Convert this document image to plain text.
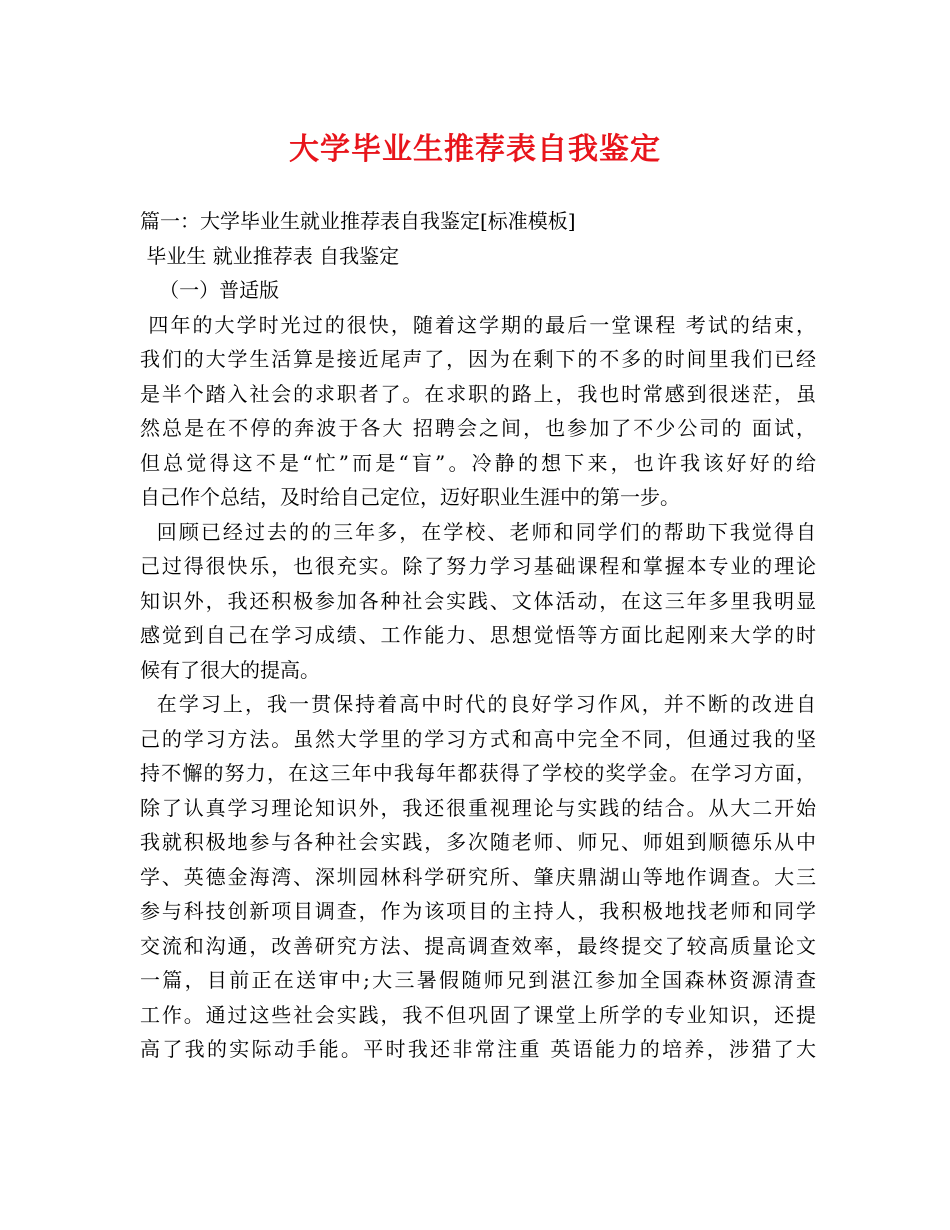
大学毕业生推荐表自我鉴定
篇一：大学毕业生就业推荐表自我鉴定[标准模板]
毕业生 就业推荐表 自我鉴定
（一）普适版
四年的大学时光过的很快，随着这学期的最后一堂课程 考试的结束，
我们的大学生活算是接近尾声了，因为在剩下的不多的时间里我们已经
是半个踏入社会的求职者了。在求职的路上，我也时常感到很迷茫，虽
然总是在不停的奔波于各大 招聘会之间，也参加了不少公司的 面试，
但总觉得这不是“忙”而是“盲”。冷静的想下来，也许我该好好的给
自己作个总结，及时给自己定位，迈好职业生涯中的第一步。
回顾已经过去的的三年多，在学校、老师和同学们的帮助下我觉得自
己过得很快乐，也很充实。除了努力学习基础课程和掌握本专业的理论
知识外，我还积极参加各种社会实践、文体活动，在这三年多里我明显
感觉到自己在学习成绩、工作能力、思想觉悟等方面比起刚来大学的时
候有了很大的提高。
在学习上，我一贯保持着高中时代的良好学习作风，并不断的改进自
己的学习方法。虽然大学里的学习方式和高中完全不同，但通过我的坚
持不懈的努力，在这三年中我每年都获得了学校的奖学金。在学习方面，
除了认真学习理论知识外，我还很重视理论与实践的结合。从大二开始
我就积极地参与各种社会实践，多次随老师、师兄、师姐到顺德乐从中
学、英德金海湾、深圳园林科学研究所、肇庆鼎湖山等地作调查。大三
参与科技创新项目调查，作为该项目的主持人，我积极地找老师和同学
交流和沟通，改善研究方法、提高调查效率，最终提交了较高质量论文
一篇，目前正在送审中;大三暑假随师兄到湛江参加全国森林资源清查
工作。通过这些社会实践，我不但巩固了课堂上所学的专业知识，还提
高了我的实际动手能。平时我还非常注重 英语能力的培养，涉猎了大
